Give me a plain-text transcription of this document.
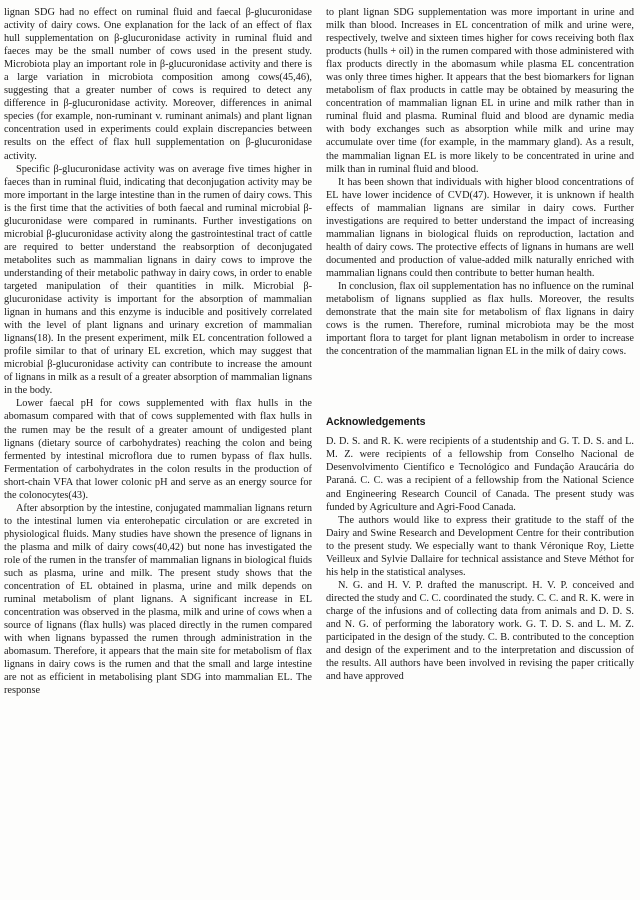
lignan SDG had no effect on ruminal fluid and faecal β-glucuronidase activity of dairy cows. One explanation for the lack of an effect of flax hull supplementation on β-glucuronidase activity in ruminal fluid and faeces may be the small number of cows used in the present study. Microbiota play an important role in β-glucuronidase activity and there is a large variation in microbiota composition among cows(45,46), suggesting that a greater number of cows is required to detect any difference in β-glucuronidase activity. Moreover, differences in animal species (for example, non-ruminant v. ruminant animals) and plant lignan concentration used in experiments could explain discrepancies between results on the effect of flax hull supplementation on β-glucuronidase activity.

Specific β-glucuronidase activity was on average five times higher in faeces than in ruminal fluid, indicating that deconjugation activity may be more important in the large intestine than in the rumen of dairy cows. This is the first time that the activities of both faecal and ruminal microbial β-glucuronidase were compared in ruminants. Further investigations on microbial β-glucuronidase activity along the gastrointestinal tract of cattle are required to better understand the reabsorption of deconjugated metabolites such as mammalian lignans in dairy cows to improve the understanding of their metabolic pathway in dairy cows, in order to enable targeted manipulation of their quantities in milk. Microbial β-glucuronidase activity is important for the absorption of mammalian lignan in humans and this enzyme is inducible and positively correlated with the level of plant lignans and urinary excretion of mammalian lignans(18). In the present experiment, milk EL concentration followed a profile similar to that of urinary EL excretion, which may suggest that microbial β-glucuronidase activity can contribute to increase the amount of lignans in milk as a result of a greater absorption of mammalian lignans in the body.

Lower faecal pH for cows supplemented with flax hulls in the abomasum compared with that of cows supplemented with flax hulls in the rumen may be the result of a greater amount of undigested plant lignans (dietary source of carbohydrates) reaching the colon and being fermented by intestinal microflora due to rumen bypass of flax hulls. Fermentation of carbohydrates in the colon results in the production of short-chain VFA that lower colonic pH and serve as an energy source for the colonocytes(43).

After absorption by the intestine, conjugated mammalian lignans return to the intestinal lumen via enterohepatic circulation or are excreted in physiological fluids. Many studies have shown the presence of lignans in the plasma and milk of dairy cows(40,42) but none has investigated the role of the rumen in the transfer of mammalian lignans in biological fluids such as plasma, urine and milk. The present study shows that the concentration of EL obtained in plasma, urine and milk depends on ruminal metabolism of plant lignans. A significant increase in EL concentration was observed in the plasma, milk and urine of cows when a source of lignans (flax hulls) was placed directly in the rumen compared with when lignans bypassed the rumen through administration in the abomasum. Therefore, it appears that the main site for metabolism of flax lignans in dairy cows is the rumen and that the small and large intestine are not as efficient in metabolising plant SDG into mammalian EL. The response

to plant lignan SDG supplementation was more important in urine and milk than blood. Increases in EL concentration of milk and urine were, respectively, twelve and sixteen times higher for cows receiving both flax products (hulls + oil) in the rumen compared with those administered with flax products directly in the abomasum while plasma EL concentration was only three times higher. It appears that the best biomarkers for lignan metabolism of flax products in cattle may be obtained by measuring the concentration of mammalian lignan EL in urine and milk rather than in ruminal fluid and plasma. Ruminal fluid and blood are dynamic media with body exchanges such as absorption while milk and urine may accumulate over time (for example, in the mammary gland). As a result, the mammalian lignan EL is more likely to be concentrated in urine and milk than in ruminal fluid and blood.

It has been shown that individuals with higher blood concentrations of EL have lower incidence of CVD(47). However, it is unknown if health effects of mammalian lignans are similar in dairy cows. Further investigations are required to better understand the impact of increasing mammalian lignans in biological fluids on reproduction, lactation and health of dairy cows. The protective effects of lignans in humans are well documented and production of value-added milk naturally enriched with mammalian lignans could then contribute to better human health.

In conclusion, flax oil supplementation has no influence on the ruminal metabolism of lignans supplied as flax hulls. Moreover, the results demonstrate that the main site for metabolism of flax lignans in dairy cows is the rumen. Therefore, ruminal microbiota may be the most important flora to target for plant lignan metabolism in order to increase the concentration of the mammalian lignan EL in the milk of dairy cows.

Acknowledgements

D. D. S. and R. K. were recipients of a studentship and G. T. D. S. and L. M. Z. were recipients of a fellowship from Conselho Nacional de Desenvolvimento Científico e Tecnológico and Fundação Araucária do Paraná. C. C. was a recipient of a fellowship from the National Science and Engineering Research Council of Canada. The present study was funded by Agriculture and Agri-Food Canada.

The authors would like to express their gratitude to the staff of the Dairy and Swine Research and Development Centre for their contribution to the present study. We especially want to thank Véronique Roy, Liette Veilleux and Sylvie Dallaire for technical assistance and Steve Méthot for his help in the statistical analyses.

N. G. and H. V. P. drafted the manuscript. H. V. P. conceived and directed the study and C. C. coordinated the study. C. C. and R. K. were in charge of the infusions and of collecting data from animals and D. D. S. and N. G. of performing the laboratory work. G. T. D. S. and L. M. Z. participated in the design of the study. C. B. contributed to the conception and design of the experiment and to the interpretation and discussion of the results. All authors have been involved in revising the paper critically and have approved
